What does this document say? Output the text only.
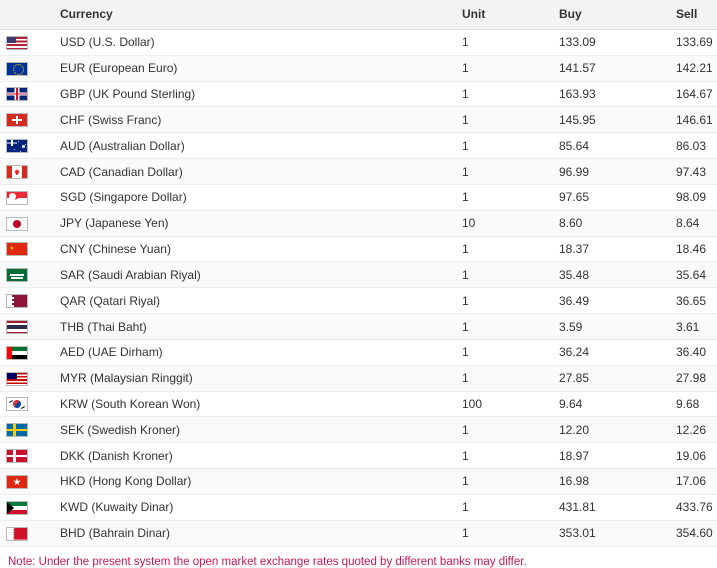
	Currency	Unit	Buy	Sell

	USD (U.S. Dollar)	1	133.09	133.69

	EUR (European Euro)	1	141.57	142.21
	GBP (UK Pound Sterling)	1	163.93	164.67
	CHF (Swiss Franc)	1	145.95	146.61
	AUD (Australian Dollar)	1	85.64	86.03

	CAD (Canadian Dollar)	1	96.99	97.43
	SGD (Singapore Dollar)	1	97.65	98.09
	JPY (Japanese Yen)	10	8.60	8.64
	CNY (Chinese Yuan)	1	18.37	18.46
	SAR (Saudi Arabian Riyal)	1	35.48	35.64
	QAR (Qatari Riyal)	1	36.49	36.65
	THB (Thai Baht)	1	3.59	3.61
	AED (UAE Dirham)	1	36.24	36.40
	MYR (Malaysian Ringgit)	1	27.85	27.98

	KRW (South Korean Won)	100	9.64	9.68
	SEK (Swedish Kroner)	1	12.20	12.26
	DKK (Danish Kroner)	1	18.97	19.06
	HKD (Hong Kong Dollar)	1	16.98	17.06
	KWD (Kuwaity Dinar)	1	431.81	433.76
	BHD (Bahrain Dinar)	1	353.01	354.60
Note: Under the present system the open market exchange rates quoted by different banks may differ.
